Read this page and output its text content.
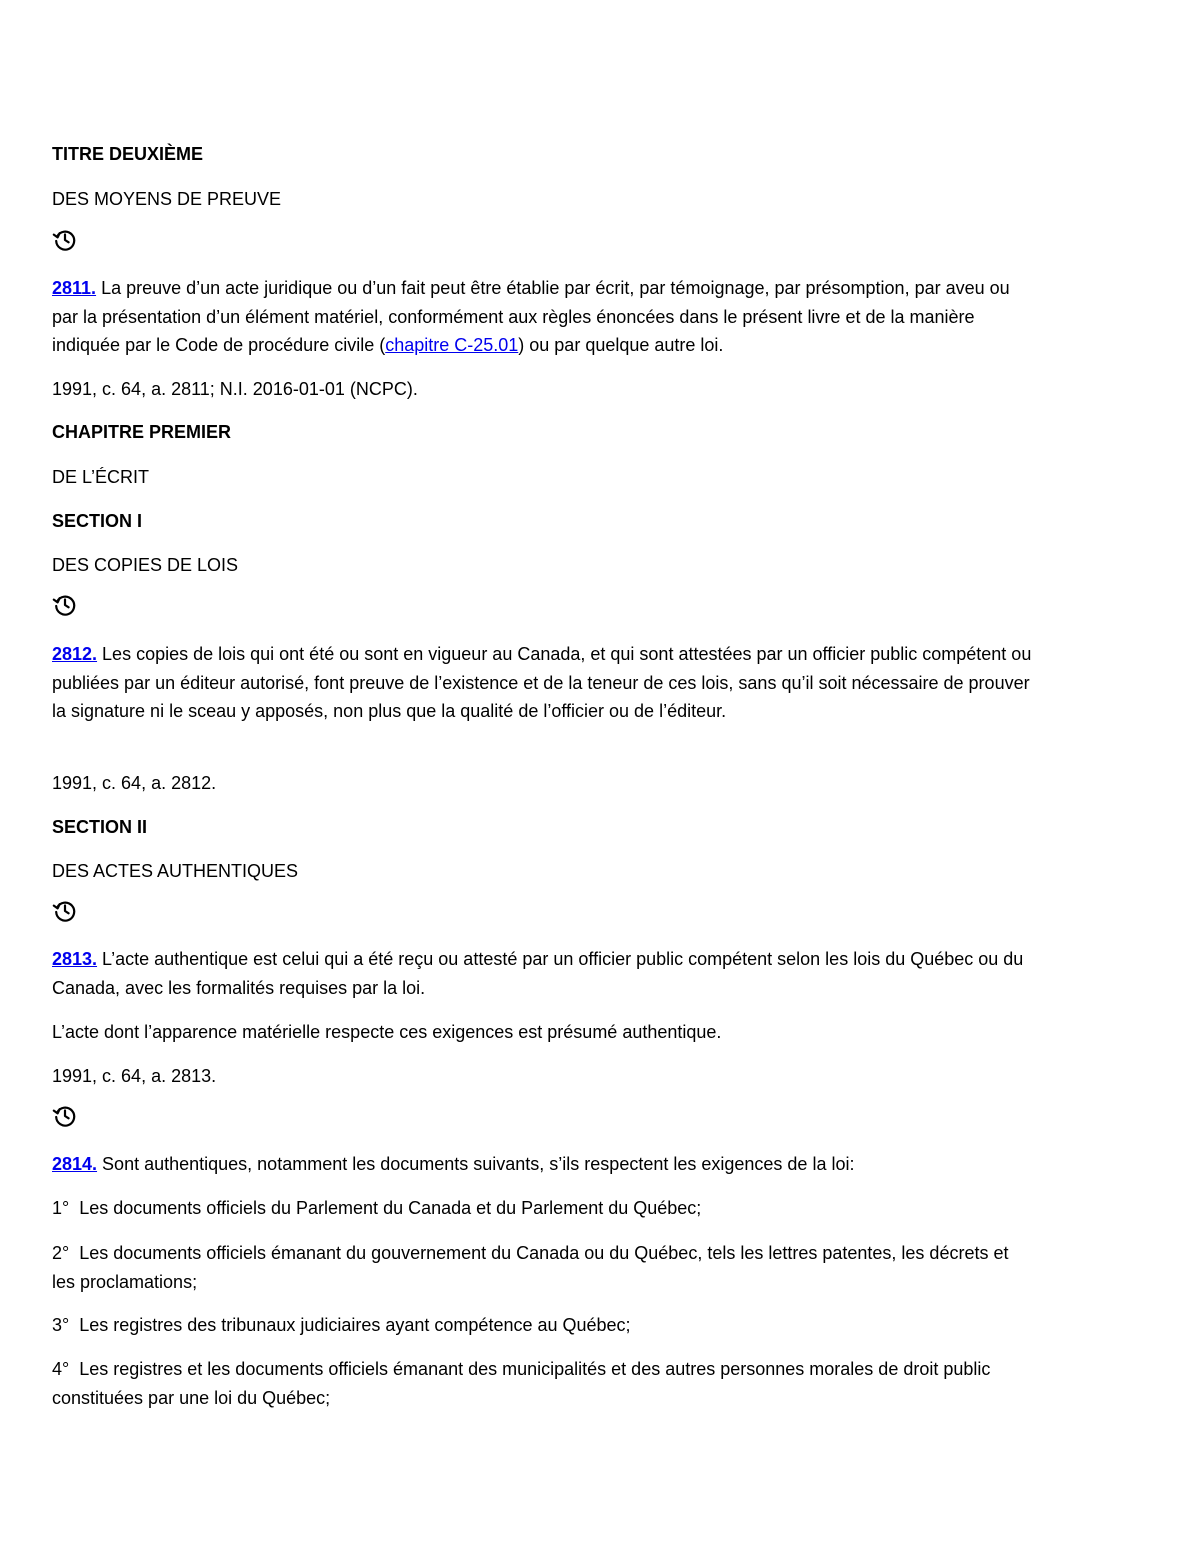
TITRE DEUXIÈME
DES MOYENS DE PREUVE
2811. La preuve d’un acte juridique ou d’un fait peut être établie par écrit, par témoignage, par présomption, par aveu ou par la présentation d’un élément matériel, conformément aux règles énoncées dans le présent livre et de la manière indiquée par le Code de procédure civile (chapitre C-25.01) ou par quelque autre loi.
1991, c. 64, a. 2811; N.I. 2016-01-01 (NCPC).
CHAPITRE PREMIER
DE L’ÉCRIT
SECTION I
DES COPIES DE LOIS
2812. Les copies de lois qui ont été ou sont en vigueur au Canada, et qui sont attestées par un officier public compétent ou publiées par un éditeur autorisé, font preuve de l’existence et de la teneur de ces lois, sans qu’il soit nécessaire de prouver la signature ni le sceau y apposés, non plus que la qualité de l’officier ou de l’éditeur.
1991, c. 64, a. 2812.
SECTION II
DES ACTES AUTHENTIQUES
2813. L’acte authentique est celui qui a été reçu ou attesté par un officier public compétent selon les lois du Québec ou du Canada, avec les formalités requises par la loi.
L’acte dont l’apparence matérielle respecte ces exigences est présumé authentique.
1991, c. 64, a. 2813.
2814. Sont authentiques, notamment les documents suivants, s’ils respectent les exigences de la loi:
1° Les documents officiels du Parlement du Canada et du Parlement du Québec;
2° Les documents officiels émanant du gouvernement du Canada ou du Québec, tels les lettres patentes, les décrets et les proclamations;
3° Les registres des tribunaux judiciaires ayant compétence au Québec;
4° Les registres et les documents officiels émanant des municipalités et des autres personnes morales de droit public constituées par une loi du Québec;
